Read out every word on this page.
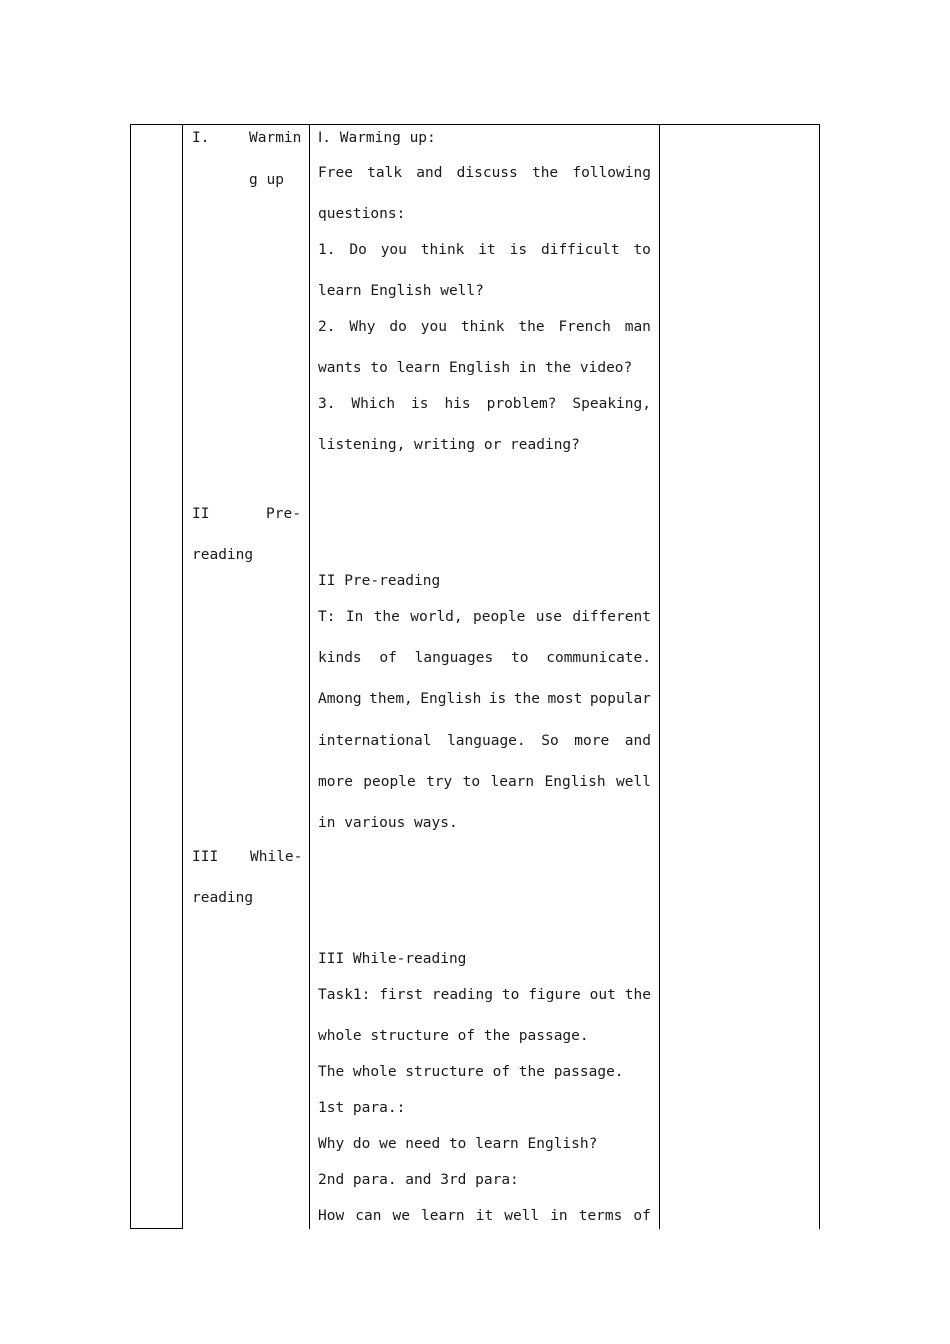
I.	Warmin
g up
II	Pre-
reading
III While-
reading
Ⅰ. Warming up:
Free talk and discuss the following
questions:
1. Do you think it is difficult to
learn English well?
2. Why do you think the French man
wants to learn English in the video?
3. Which is his problem? Speaking,
listening, writing or reading?
II Pre-reading
T: In the world, people use different
kinds of languages to communicate.
Among them, English is the most popular
international language. So more and
more people try to learn English well
in various ways.
III While-reading
Task1: first reading to figure out the
whole structure of the passage.
The whole structure of the passage.
1st para.:
Why do we need to learn English?
2nd para. and 3rd para:
How can we learn it well in terms of
